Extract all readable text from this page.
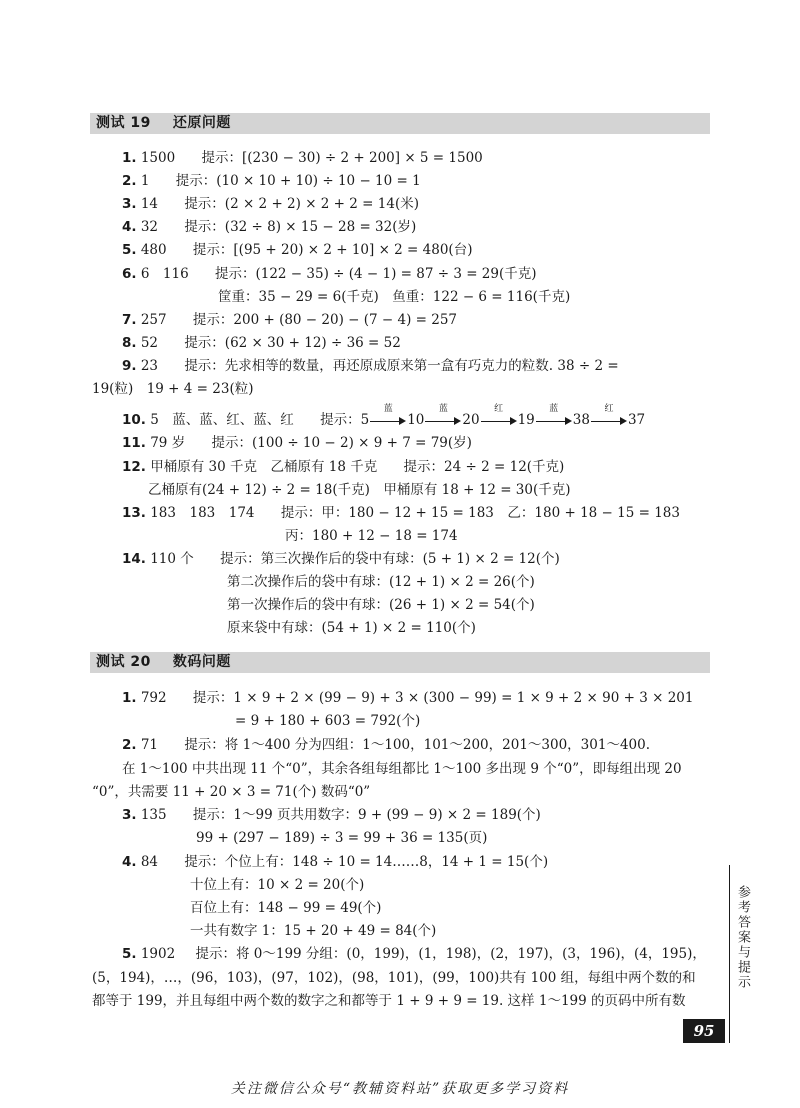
测试 19 还原问题
1. 1500 提示：[(230 − 30) ÷ 2 + 200] × 5 = 1500
2. 1 提示：(10 × 10 + 10) ÷ 10 − 10 = 1
3. 14 提示：(2 × 2 + 2) × 2 + 2 = 14(米)
4. 32 提示：(32 ÷ 8) × 15 − 28 = 32(岁)
5. 480 提示：[(95 + 20) × 2 + 10] × 2 = 480(台)
6. 6　116 提示：(122 − 35) ÷ (4 − 1) = 87 ÷ 3 = 29(千克)
筐重：35 − 29 = 6(千克)　鱼重：122 − 6 = 116(千克)
7. 257 提示：200 + (80 − 20) − (7 − 4) = 257
8. 52 提示：(62 × 30 + 12) ÷ 36 = 52
9. 23 提示：先求相等的数量，再还原成原来第一盒有巧克力的粒数. 38 ÷ 2 =
19(粒)　19 + 4 = 23(粒)
10. 5　蓝、蓝、红、蓝、红 提示：5
蓝
10
蓝
20
红
19
蓝
38
红
37
11. 79 岁 提示：(100 ÷ 10 − 2) × 9 + 7 = 79(岁)
12. 甲桶原有 30 千克　乙桶原有 18 千克 提示：24 ÷ 2 = 12(千克)
乙桶原有(24 + 12) ÷ 2 = 18(千克)　甲桶原有 18 + 12 = 30(千克)
13. 183　183　174 提示：甲：180 − 12 + 15 = 183　乙：180 + 18 − 15 = 183
丙：180 + 12 − 18 = 174
14. 110 个 提示：第三次操作后的袋中有球：(5 + 1) × 2 = 12(个)
第二次操作后的袋中有球：(12 + 1) × 2 = 26(个)
第一次操作后的袋中有球：(26 + 1) × 2 = 54(个)
原来袋中有球：(54 + 1) × 2 = 110(个)
测试 20 数码问题
1. 792 提示：1 × 9 + 2 × (99 − 9) + 3 × (300 − 99) = 1 × 9 + 2 × 90 + 3 × 201
= 9 + 180 + 603 = 792(个)
2. 71 提示：将 1～400 分为四组：1～100，101～200，201～300，301～400.
在 1～100 中共出现 11 个“0”，其余各组每组都比 1～100 多出现 9 个“0”，即每组出现 20
“0”，共需要 11 + 20 × 3 = 71(个) 数码“0”
3. 135 提示：1～99 页共用数字：9 + (99 − 9) × 2 = 189(个)
99 + (297 − 189) ÷ 3 = 99 + 36 = 135(页)
4. 84 提示：个位上有：148 ÷ 10 = 14……8，14 + 1 = 15(个)
十位上有：10 × 2 = 20(个)
百位上有：148 − 99 = 49(个)
一共有数字 1：15 + 20 + 49 = 84(个)
5. 1902 提示：将 0～199 分组：(0，199)，(1，198)，(2，197)，(3，196)，(4，195)，
(5，194)，…，(96，103)，(97，102)，(98，101)，(99，100)共有 100 组，每组中两个数的和
都等于 199，并且每组中两个数的数字之和都等于 1 + 9 + 9 = 19. 这样 1～199 的页码中所有数
参考答案与提示
95
关注微信公众号“教辅资料站”获取更多学习资料
